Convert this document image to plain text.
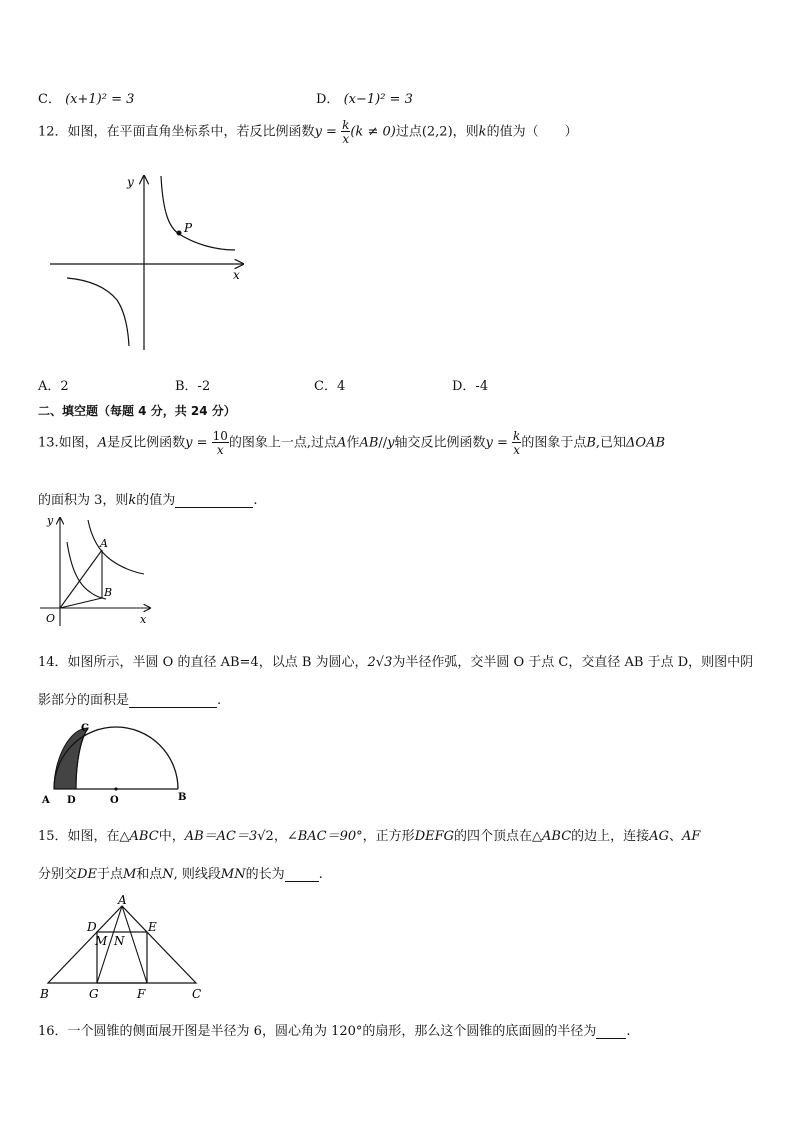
C． (x+1)² = 3	D． (x−1)² = 3
12．如图，在平面直角坐标系中，若反比例函数$y = \frac{k}{x} (k \ne 0)$过点(2,2)，则k的值为（　　）
y
x
P
A．2	B．-2	C．4	D．-4
二、填空题（每题 4 分，共 24 分）
13.如图，A是反比例函数$y = \frac{10}{x}$ 的图象上一点,过点A作AB//y轴交反比例函数$y = \frac{k}{x}$ 的图象于点B,已知ΔOAB
的面积为 3，则k的值为	.
y
x
O
A
B
14．如图所示，半圆 O 的直径 AB=4，以点 B 为圆心，2√3为半径作弧，交半圆 O 于点 C，交直径 AB 于点 D，则图中阴
影部分的面积是	.
C
A D	O	B
15．如图，在△ABC中，AB＝AC＝3√2，∠BAC＝90°，正方形DEFG的四个顶点在△ABC的边上，连接AG、AF
分别交DE于点M和点N, 则线段MN的长为	.
A
B	C
D	E
F
G
M N
16．一个圆锥的侧面展开图是半径为 6，圆心角为 120°的扇形，那么这个圆锥的底面圆的半径为 .
